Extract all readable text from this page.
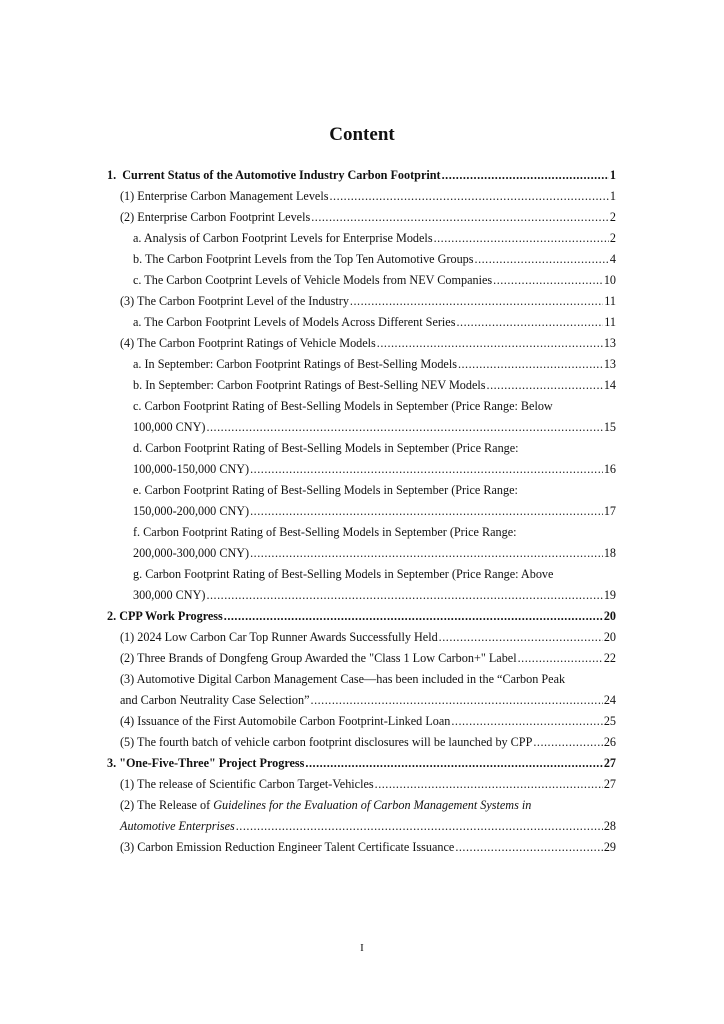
Content
1.  Current Status of the Automotive Industry Carbon Footprint .....	1
(1) Enterprise Carbon Management Levels .....	1
(2) Enterprise Carbon Footprint Levels .....	2
a. Analysis of Carbon Footprint Levels for Enterprise Models .....	2
b. The Carbon Footprint Levels from the Top Ten Automotive Groups .....	4
c. The Carbon Cootprint Levels of Vehicle Models from NEV Companies .....	10
(3) The Carbon Footprint Level of the Industry .....	11
a. The Carbon Footprint Levels of Models Across Different Series .....	11
(4) The Carbon Footprint Ratings of Vehicle Models .....	13
a. In September: Carbon Footprint Ratings of Best-Selling Models .....	13
b. In September: Carbon Footprint Ratings of Best-Selling NEV Models .....	14
c. Carbon Footprint Rating of Best-Selling Models in September (Price Range: Below
100,000 CNY) .....	15
d. Carbon Footprint Rating of Best-Selling Models in September (Price Range:
100,000-150,000 CNY) .....	16
e. Carbon Footprint Rating of Best-Selling Models in September (Price Range:
150,000-200,000 CNY) .....	17
f. Carbon Footprint Rating of Best-Selling Models in September (Price Range:
200,000-300,000 CNY) .....	18
g. Carbon Footprint Rating of Best-Selling Models in September (Price Range: Above
300,000 CNY) .....	19
2. CPP Work Progress .....	20
(1) 2024 Low Carbon Car Top Runner Awards Successfully Held .....	20
(2) Three Brands of Dongfeng Group Awarded the "Class 1 Low Carbon+" Label .....	22
(3) Automotive Digital Carbon Management Case—has been included in the “Carbon Peak
and Carbon Neutrality Case Selection” .....	24
(4) Issuance of the First Automobile Carbon Footprint-Linked Loan .....	25
(5) The fourth batch of vehicle carbon footprint disclosures will be launched by CPP .....	26
3. "One-Five-Three" Project Progress .....	27
(1) The release of Scientific Carbon Target-Vehicles .....	27
(2) The Release of Guidelines for the Evaluation of Carbon Management Systems in
Automotive Enterprises .....	28
(3) Carbon Emission Reduction Engineer Talent Certificate Issuance .....	29
I
